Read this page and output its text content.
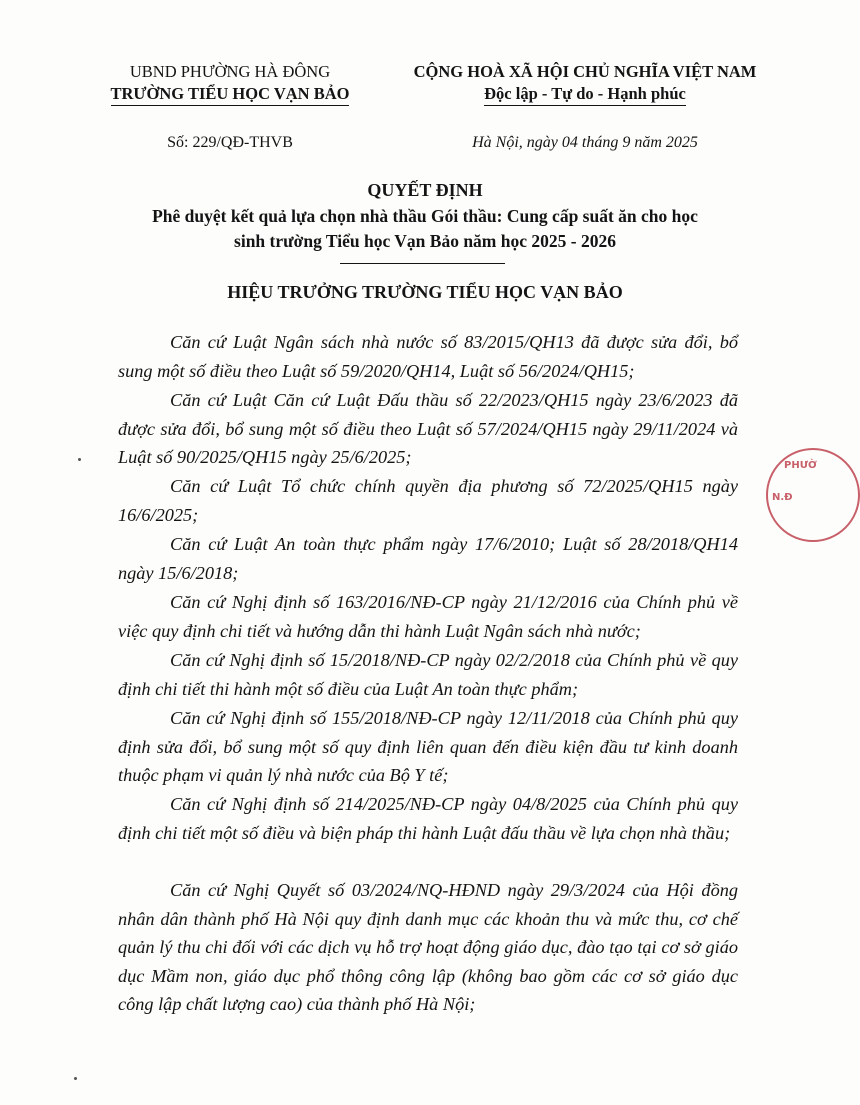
UBND PHƯỜNG HÀ ĐÔNG
TRƯỜNG TIỂU HỌC VẠN BẢO
CỘNG HOÀ XÃ HỘI CHỦ NGHĨA VIỆT NAM
Độc lập - Tự do - Hạnh phúc
Số: 229/QĐ-THVB	Hà Nội, ngày 04 tháng 9 năm 2025
QUYẾT ĐỊNH
Phê duyệt kết quả lựa chọn nhà thầu Gói thầu: Cung cấp suất ăn cho học
sinh trường Tiểu học Vạn Bảo năm học 2025 - 2026
HIỆU TRƯỞNG TRƯỜNG TIỂU HỌC VẠN BẢO
Căn cứ Luật Ngân sách nhà nước số 83/2015/QH13 đã được sửa đổi, bổ sung một số điều theo Luật số 59/2020/QH14, Luật số 56/2024/QH15;
Căn cứ Luật Căn cứ Luật Đấu thầu số 22/2023/QH15 ngày 23/6/2023 đã được sửa đổi, bổ sung một số điều theo Luật số 57/2024/QH15 ngày 29/11/2024 và Luật số 90/2025/QH15 ngày 25/6/2025;
Căn cứ Luật Tổ chức chính quyền địa phương số 72/2025/QH15 ngày 16/6/2025;
Căn cứ Luật An toàn thực phẩm ngày 17/6/2010; Luật số 28/2018/QH14 ngày 15/6/2018;
Căn cứ Nghị định số 163/2016/NĐ-CP ngày 21/12/2016 của Chính phủ về việc quy định chi tiết và hướng dẫn thi hành Luật Ngân sách nhà nước;
Căn cứ Nghị định số 15/2018/NĐ-CP ngày 02/2/2018 của Chính phủ về quy định chi tiết thi hành một số điều của Luật An toàn thực phẩm;
Căn cứ Nghị định số 155/2018/NĐ-CP ngày 12/11/2018 của Chính phủ quy định sửa đổi, bổ sung một số quy định liên quan đến điều kiện đầu tư kinh doanh thuộc phạm vi quản lý nhà nước của Bộ Y tế;
Căn cứ Nghị định số 214/2025/NĐ-CP ngày 04/8/2025 của Chính phủ quy định chi tiết một số điều và biện pháp thi hành Luật đấu thầu về lựa chọn nhà thầu;
Căn cứ Nghị Quyết số 03/2024/NQ-HĐND ngày 29/3/2024 của Hội đồng nhân dân thành phố Hà Nội quy định danh mục các khoản thu và mức thu, cơ chế quản lý thu chi đối với các dịch vụ hỗ trợ hoạt động giáo dục, đào tạo tại cơ sở giáo dục Mầm non, giáo dục phổ thông công lập (không bao gồm các cơ sở giáo dục công lập chất lượng cao) của thành phố Hà Nội;
PHƯỜ
N.Đ
